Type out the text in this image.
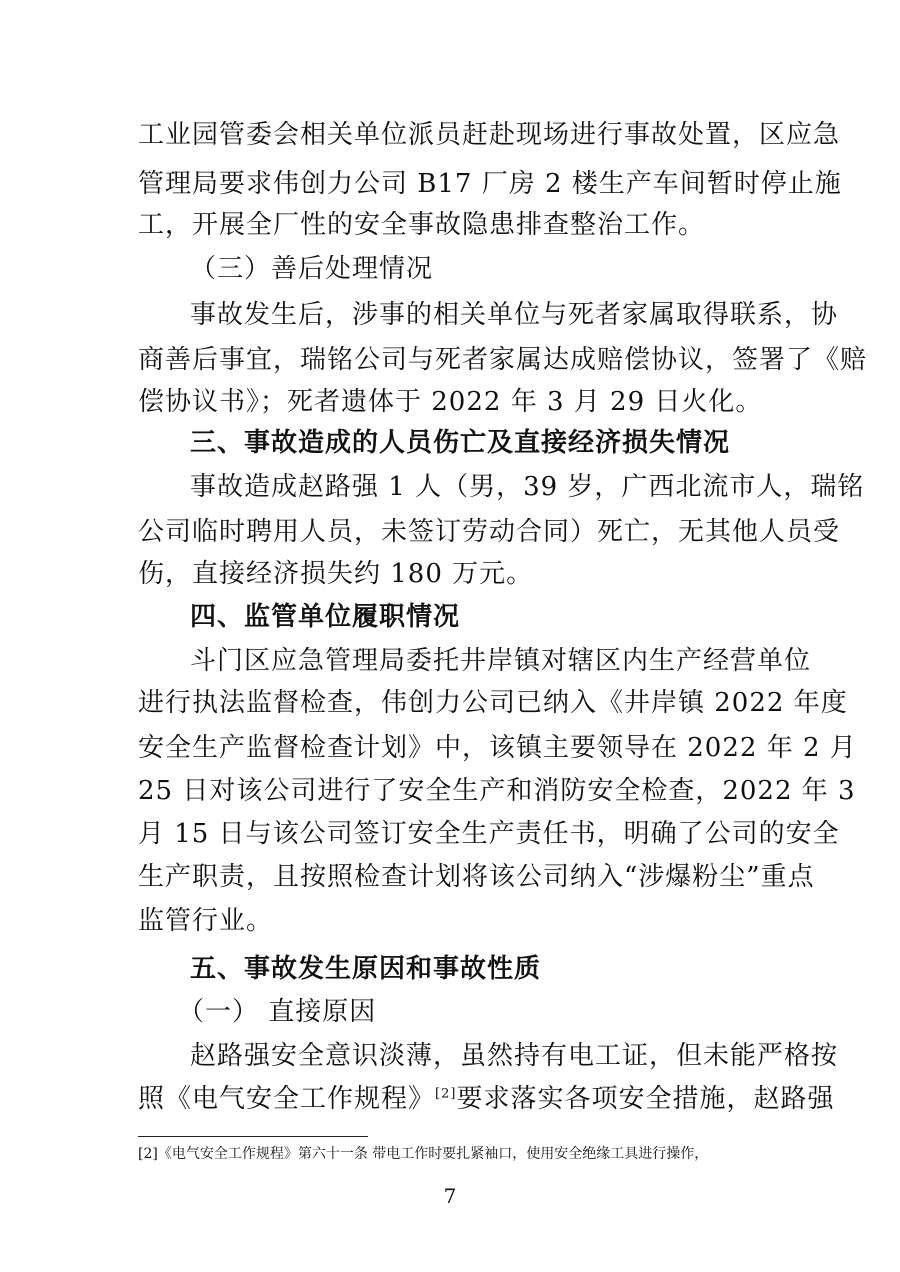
工业园管委会相关单位派员赶赴现场进行事故处置，区应急
管理局要求伟创力公司 B17 厂房 2 楼生产车间暂时停止施
工，开展全厂性的安全事故隐患排查整治工作。
（三）善后处理情况
事故发生后，涉事的相关单位与死者家属取得联系，协
商善后事宜，瑞铭公司与死者家属达成赔偿协议，签署了《赔
偿协议书》；死者遗体于 2022 年 3 月 29 日火化。
三、事故造成的人员伤亡及直接经济损失情况
事故造成赵路强 1 人（男，39 岁，广西北流市人，瑞铭
公司临时聘用人员，未签订劳动合同）死亡，无其他人员受
伤，直接经济损失约 180 万元。
四、监管单位履职情况
斗门区应急管理局委托井岸镇对辖区内生产经营单位
进行执法监督检查，伟创力公司已纳入《井岸镇 2022 年度
安全生产监督检查计划》中，该镇主要领导在 2022 年 2 月
25 日对该公司进行了安全生产和消防安全检查，2022 年 3
月 15 日与该公司签订安全生产责任书，明确了公司的安全
生产职责，且按照检查计划将该公司纳入“涉爆粉尘”重点
监管行业。
五、事故发生原因和事故性质
（一） 直接原因
赵路强安全意识淡薄，虽然持有电工证，但未能严格按
照《电气安全工作规程》[2]要求落实各项安全措施，赵路强
[2]《电气安全工作规程》第六十一条 带电工作时要扎紧袖口，使用安全绝缘工具进行操作，
7
